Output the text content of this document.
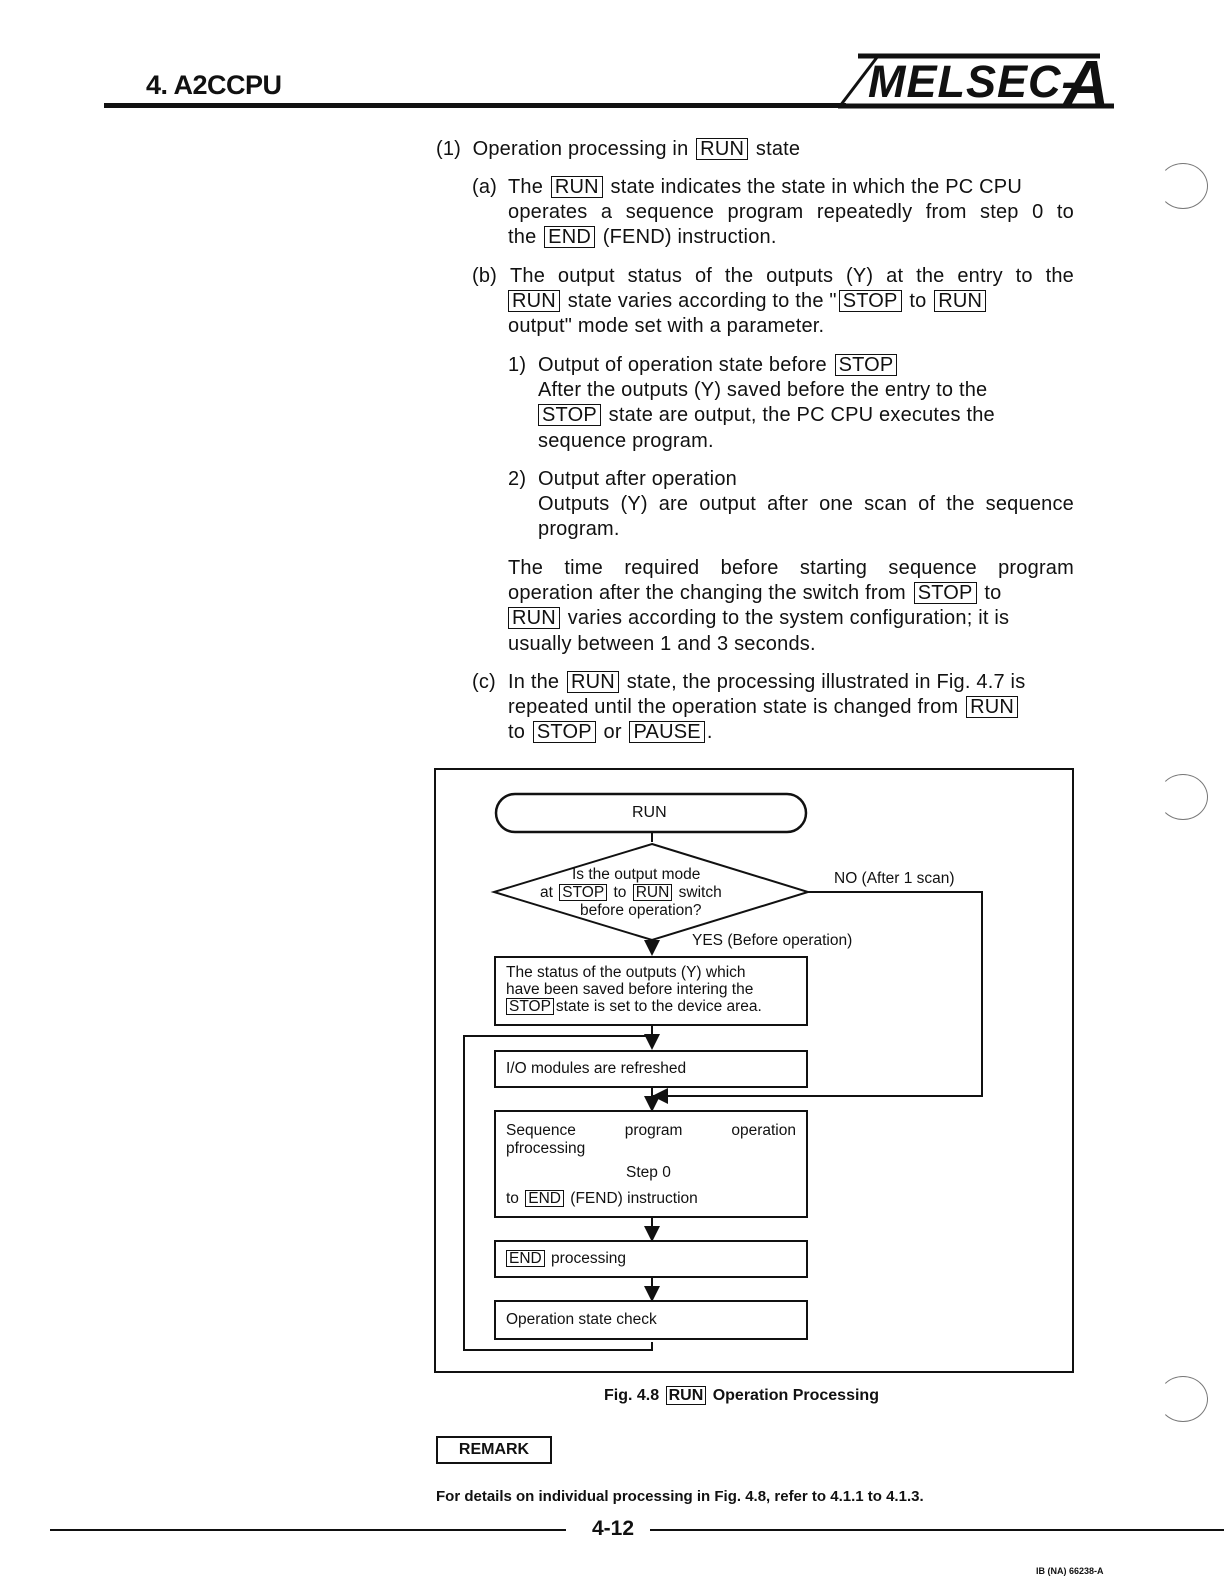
4. A2CCPU	MELSEC-
A
(1) Operation processing in RUN state
(a) The RUN state indicates the state in which the PC CPU
operates a sequence program repeatedly from step 0 to
the END (FEND) instruction.
(b) The output status of the outputs (Y) at the entry to the
RUN state varies according to the " STOP to RUN
output" mode set with a parameter.
1) Output of operation state before STOP
After the outputs (Y) saved before the entry to the
STOP state are output, the PC CPU executes the
sequence program.
2) Output after operation
Outputs (Y) are output after one scan of the sequence
program.
The time required before starting sequence program
operation after the changing the switch from STOP to
RUN varies according to the system configuration; it is
usually between 1 and 3 seconds.
(c) In the RUN state, the processing illustrated in Fig. 4.7 is
repeated until the operation state is changed from RUN
to STOP or PAUSE .
RUN
Is the output mode
at STOP to RUN switch
before operation?
NO (After 1 scan)
YES (Before operation)
The status of the outputs (Y) which
have been saved before intering the
STOP state is set to the device area.
I/O modules are refreshed
Sequence	program	operation
pfrocessing
Step 0
to END (FEND) instruction
END processing
Operation state check
Fig. 4.8 RUN Operation Processing
REMARK
For details on individual processing in Fig. 4.8, refer to 4.1.1 to 4.1.3.
4-12
IB (NA) 66238-A
